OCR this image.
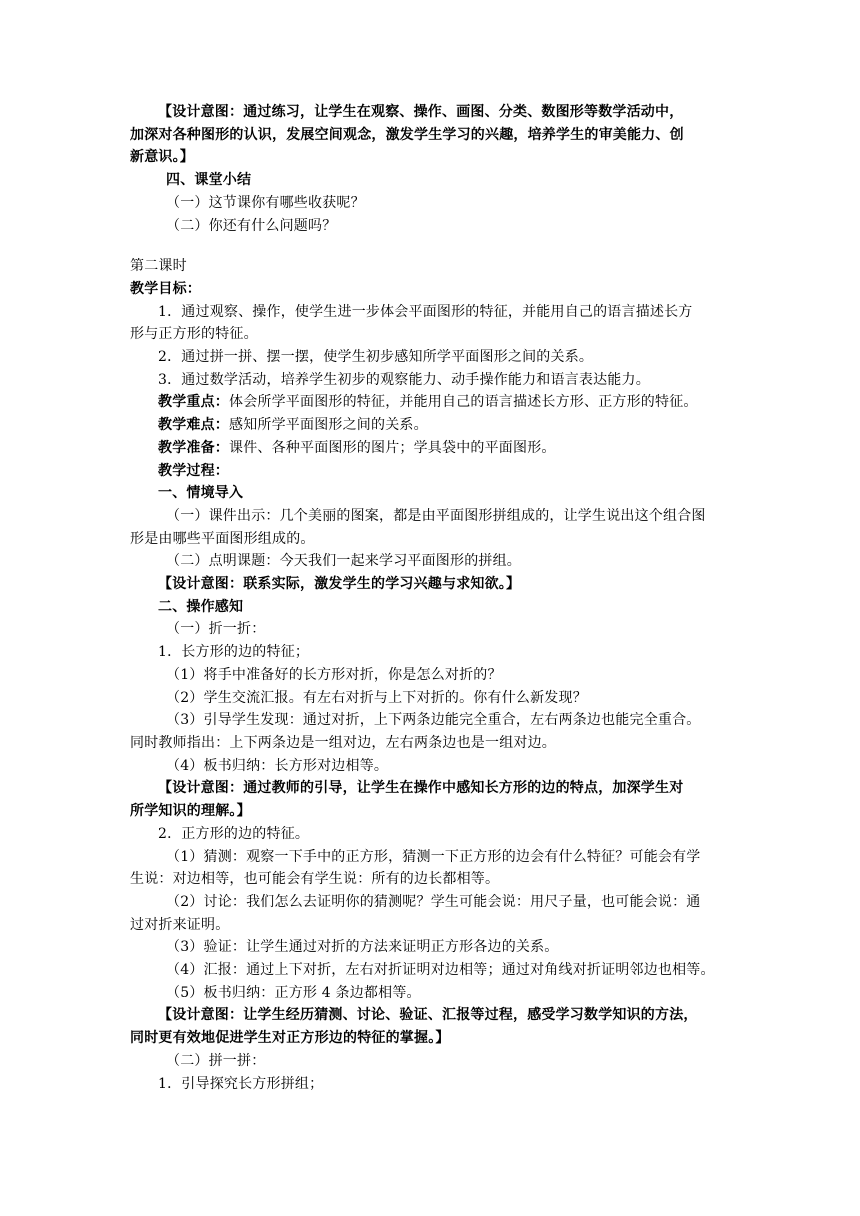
【设计意图：通过练习，让学生在观察、操作、画图、分类、数图形等数学活动中，
加深对各种图形的认识，发展空间观念，激发学生学习的兴趣，培养学生的审美能力、创
新意识。】
四、课堂小结
（一）这节课你有哪些收获呢？
（二）你还有什么问题吗？
第二课时
教学目标：
1．通过观察、操作，使学生进一步体会平面图形的特征，并能用自己的语言描述长方
形与正方形的特征。
2．通过拼一拼、摆一摆，使学生初步感知所学平面图形之间的关系。
3．通过数学活动，培养学生初步的观察能力、动手操作能力和语言表达能力。
教学重点：体会所学平面图形的特征，并能用自己的语言描述长方形、正方形的特征。
教学难点：感知所学平面图形之间的关系。
教学准备：课件、各种平面图形的图片；学具袋中的平面图形。
教学过程：
一、情境导入
（一）课件出示：几个美丽的图案，都是由平面图形拼组成的，让学生说出这个组合图
形是由哪些平面图形组成的。
（二）点明课题：今天我们一起来学习平面图形的拼组。
【设计意图：联系实际，激发学生的学习兴趣与求知欲。】
二、操作感知
（一）折一折：
1．长方形的边的特征；
（1）将手中准备好的长方形对折，你是怎么对折的？
（2）学生交流汇报。有左右对折与上下对折的。你有什么新发现？
（3）引导学生发现：通过对折，上下两条边能完全重合，左右两条边也能完全重合。
同时教师指出：上下两条边是一组对边，左右两条边也是一组对边。
（4）板书归纳：长方形对边相等。
【设计意图：通过教师的引导，让学生在操作中感知长方形的边的特点，加深学生对
所学知识的理解。】
2．正方形的边的特征。
（1）猜测：观察一下手中的正方形，猜测一下正方形的边会有什么特征？可能会有学
生说：对边相等，也可能会有学生说：所有的边长都相等。
（2）讨论：我们怎么去证明你的猜测呢？学生可能会说：用尺子量，也可能会说：通
过对折来证明。
（3）验证：让学生通过对折的方法来证明正方形各边的关系。
（4）汇报：通过上下对折，左右对折证明对边相等；通过对角线对折证明邻边也相等。
（5）板书归纳：正方形 4 条边都相等。
【设计意图：让学生经历猜测、讨论、验证、汇报等过程，感受学习数学知识的方法，
同时更有效地促进学生对正方形边的特征的掌握。】
（二）拼一拼：
1．引导探究长方形拼组；
